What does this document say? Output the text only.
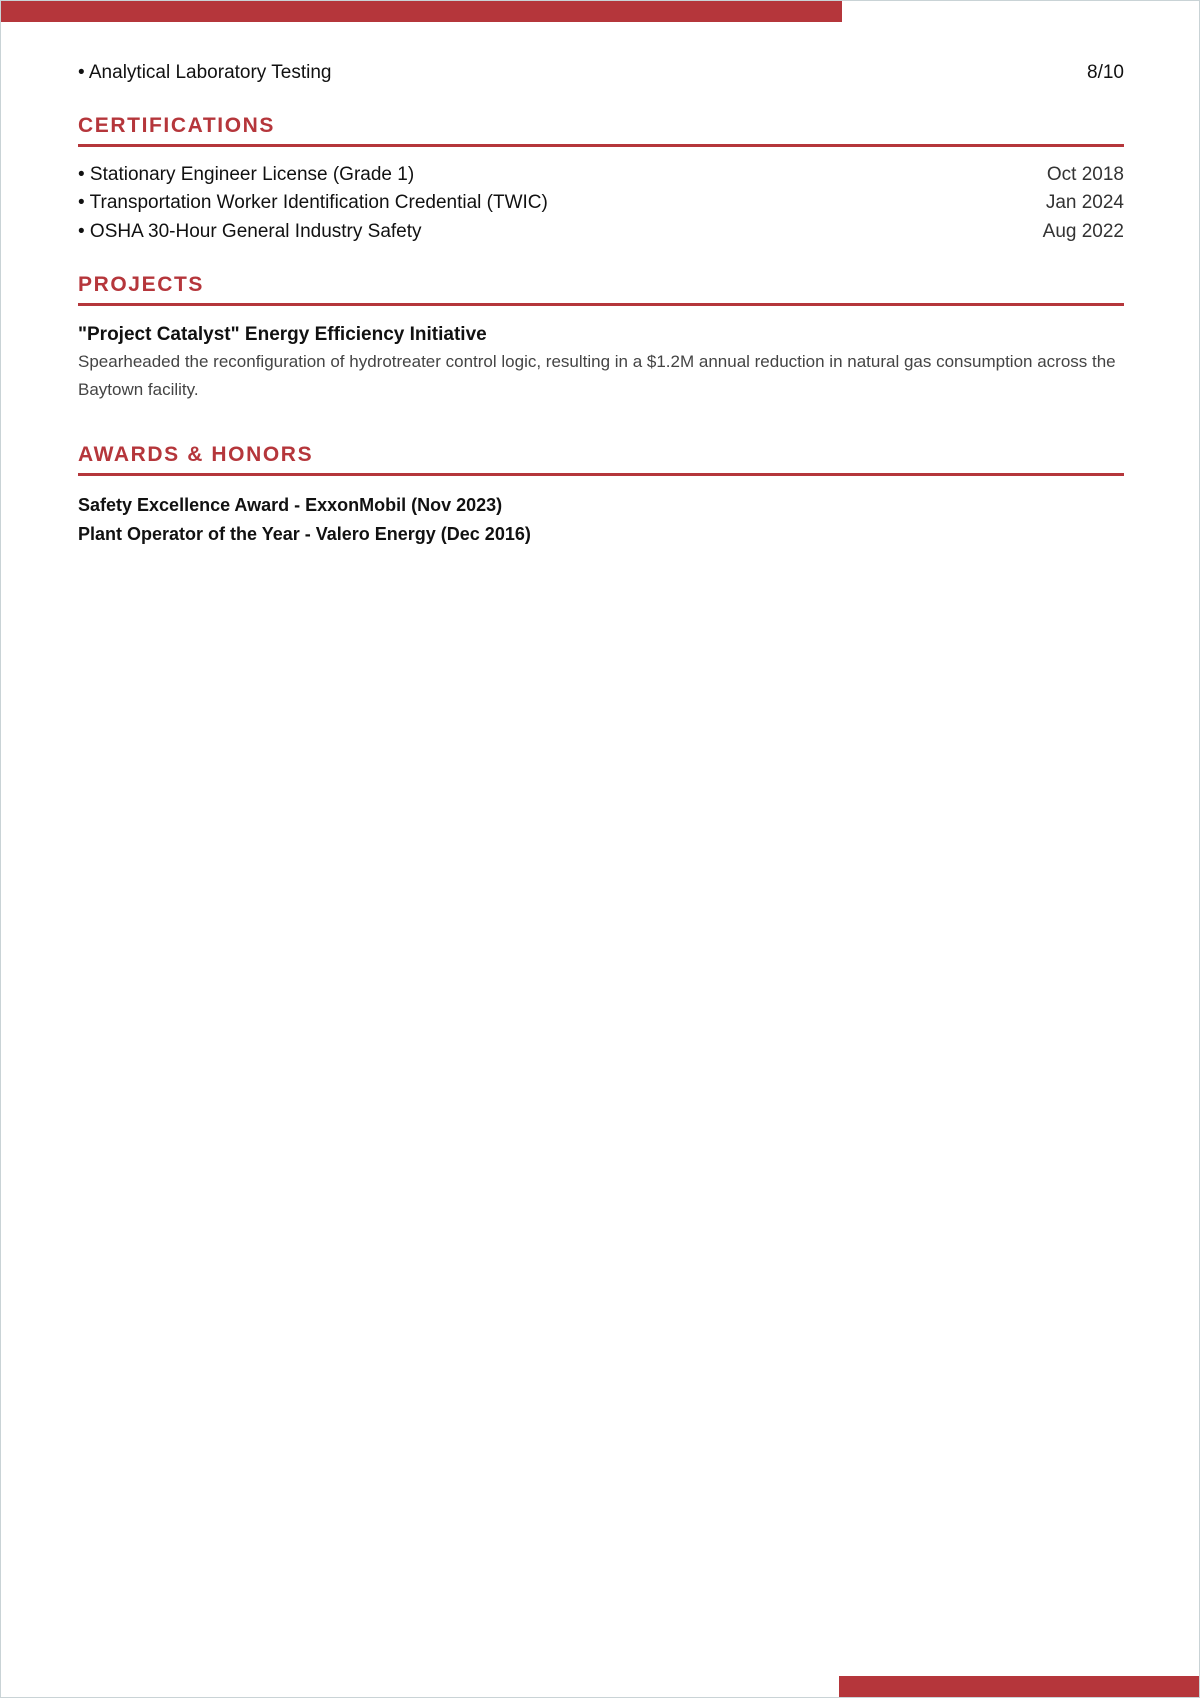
• Analytical Laboratory Testing	8/10
CERTIFICATIONS
• Stationary Engineer License (Grade 1)	Oct 2018
• Transportation Worker Identification Credential (TWIC)	Jan 2024
• OSHA 30-Hour General Industry Safety	Aug 2022
PROJECTS
"Project Catalyst" Energy Efficiency Initiative
Spearheaded the reconfiguration of hydrotreater control logic, resulting in a $1.2M annual reduction in natural gas consumption across the Baytown facility.
AWARDS & HONORS
Safety Excellence Award - ExxonMobil (Nov 2023)
Plant Operator of the Year - Valero Energy (Dec 2016)
